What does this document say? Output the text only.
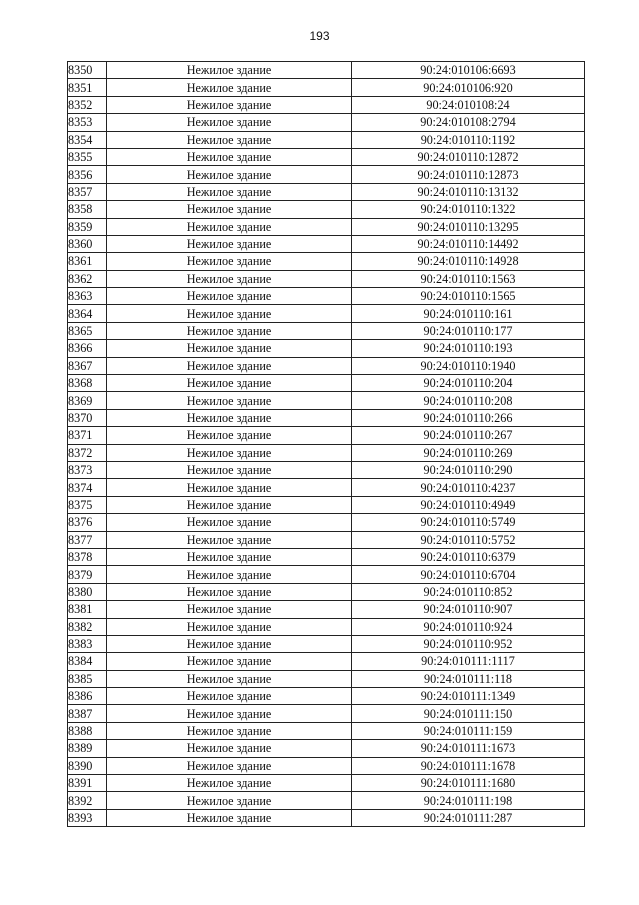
193
8350	Нежилое здание	90:24:010106:6693
8351	Нежилое здание	90:24:010106:920
8352	Нежилое здание	90:24:010108:24
8353	Нежилое здание	90:24:010108:2794
8354	Нежилое здание	90:24:010110:1192
8355	Нежилое здание	90:24:010110:12872
8356	Нежилое здание	90:24:010110:12873
8357	Нежилое здание	90:24:010110:13132
8358	Нежилое здание	90:24:010110:1322
8359	Нежилое здание	90:24:010110:13295
8360	Нежилое здание	90:24:010110:14492
8361	Нежилое здание	90:24:010110:14928
8362	Нежилое здание	90:24:010110:1563
8363	Нежилое здание	90:24:010110:1565
8364	Нежилое здание	90:24:010110:161
8365	Нежилое здание	90:24:010110:177
8366	Нежилое здание	90:24:010110:193
8367	Нежилое здание	90:24:010110:1940
8368	Нежилое здание	90:24:010110:204
8369	Нежилое здание	90:24:010110:208
8370	Нежилое здание	90:24:010110:266
8371	Нежилое здание	90:24:010110:267
8372	Нежилое здание	90:24:010110:269
8373	Нежилое здание	90:24:010110:290
8374	Нежилое здание	90:24:010110:4237
8375	Нежилое здание	90:24:010110:4949
8376	Нежилое здание	90:24:010110:5749
8377	Нежилое здание	90:24:010110:5752
8378	Нежилое здание	90:24:010110:6379
8379	Нежилое здание	90:24:010110:6704
8380	Нежилое здание	90:24:010110:852
8381	Нежилое здание	90:24:010110:907
8382	Нежилое здание	90:24:010110:924
8383	Нежилое здание	90:24:010110:952
8384	Нежилое здание	90:24:010111:1117
8385	Нежилое здание	90:24:010111:118
8386	Нежилое здание	90:24:010111:1349
8387	Нежилое здание	90:24:010111:150
8388	Нежилое здание	90:24:010111:159
8389	Нежилое здание	90:24:010111:1673
8390	Нежилое здание	90:24:010111:1678
8391	Нежилое здание	90:24:010111:1680
8392	Нежилое здание	90:24:010111:198
8393	Нежилое здание	90:24:010111:287
